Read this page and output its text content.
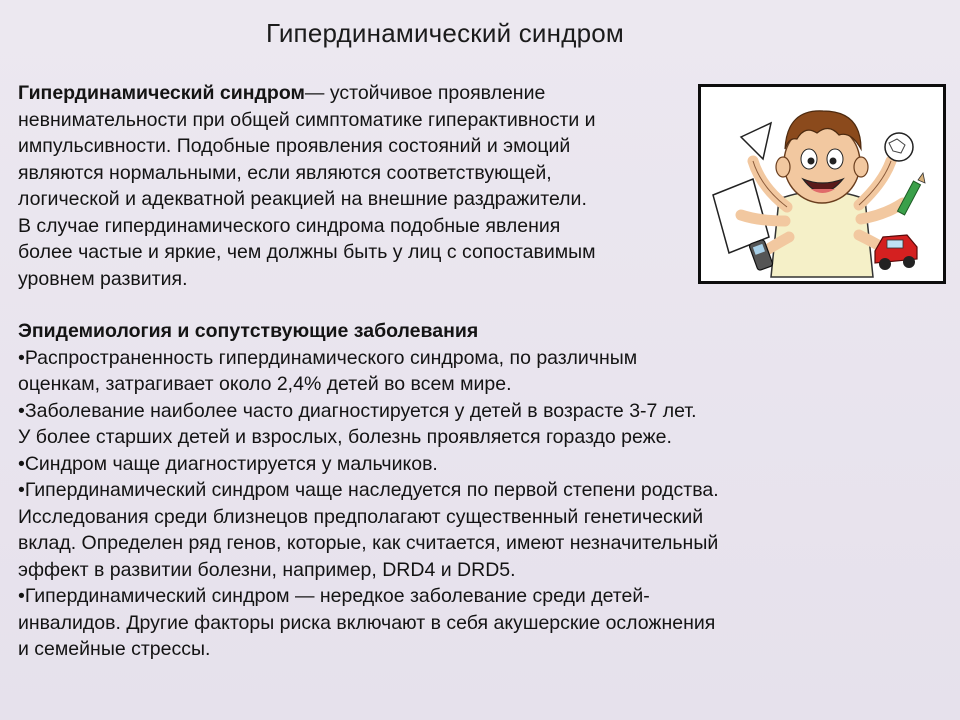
Гипердинамический синдром
Гипердинамический синдром— устойчивое проявление
невнимательности при общей симптоматике гиперактивности и
импульсивности. Подобные проявления состояний и эмоций
являются нормальными, если являются соответствующей,
логической и адекватной реакцией на внешние раздражители.
В случае гипердинамического синдрома подобные явления
более частые и яркие, чем должны быть у лиц с сопоставимым
уровнем развития.
Эпидемиология и сопутствующие заболевания
•Распространенность гипердинамического синдрома, по различным
оценкам, затрагивает около 2,4% детей во всем мире.
•Заболевание наиболее часто диагностируется у детей в возрасте 3-7 лет.
У более старших детей и взрослых, болезнь проявляется гораздо реже.
•Синдром чаще диагностируется у мальчиков.
•Гипердинамический синдром чаще наследуется по первой степени родства.
Исследования среди близнецов предполагают существенный генетический
вклад. Определен ряд генов, которые, как считается, имеют незначительный
эффект в развитии болезни, например, DRD4 и DRD5.
•Гипердинамический синдром — нередкое заболевание среди детей-
инвалидов. Другие факторы риска включают в себя акушерские осложнения
и семейные стрессы.
